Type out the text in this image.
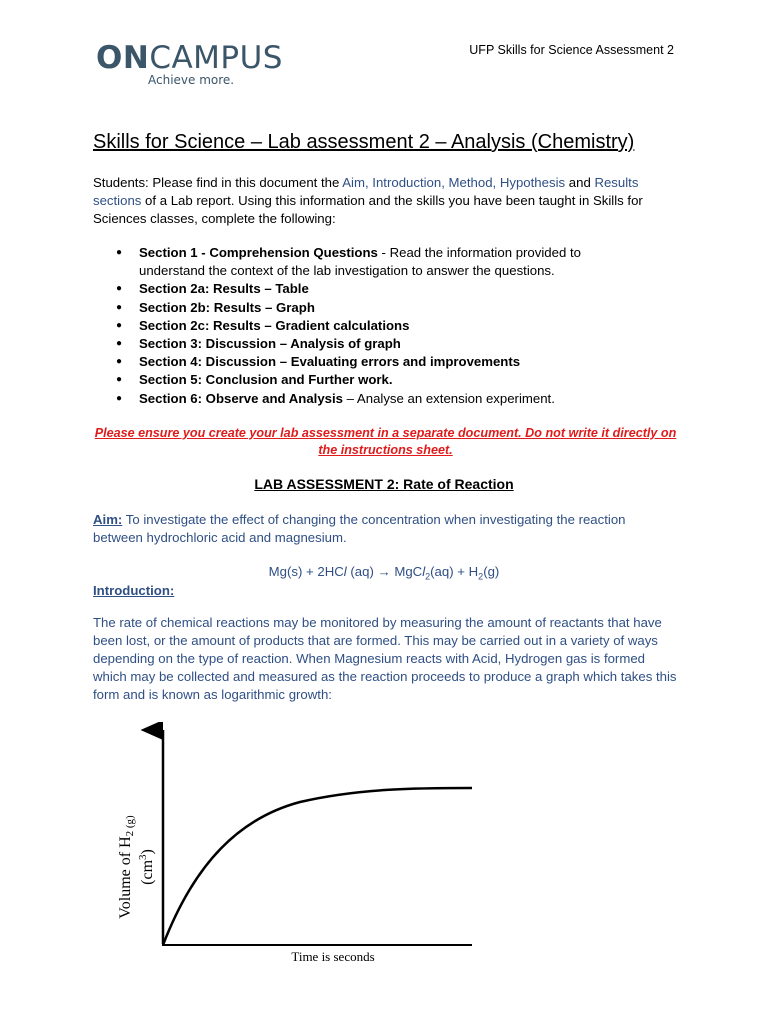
ONCAMPUS
Achieve more.
UFP Skills for Science Assessment 2
Skills for Science – Lab assessment 2 – Analysis (Chemistry)
Students: Please find in this document the Aim, Introduction, Method, Hypothesis and Results sections of a Lab report. Using this information and the skills you have been taught in Skills for Sciences classes, complete the following:
● Section 1 - Comprehension Questions - Read the information provided to understand the context of the lab investigation to answer the questions.
● Section 2a: Results – Table
● Section 2b: Results – Graph
● Section 2c: Results – Gradient calculations
● Section 3: Discussion – Analysis of graph
● Section 4: Discussion – Evaluating errors and improvements
● Section 5: Conclusion and Further work.
● Section 6: Observe and Analysis – Analyse an extension experiment.
Please ensure you create your lab assessment in a separate document. Do not write it directly on the instructions sheet.
LAB ASSESSMENT 2: Rate of Reaction
Aim: To investigate the effect of changing the concentration when investigating the reaction between hydrochloric acid and magnesium.
Mg(s) + 2HCl (aq) → MgCl$_2$(aq) + $H_2(g)$
Introduction:
The rate of chemical reactions may be monitored by measuring the amount of reactants that have been lost, or the amount of products that are formed. This may be carried out in a variety of ways depending on the type of reaction. When Magnesium reacts with Acid, Hydrogen gas is formed which may be collected and measured as the reaction proceeds to produce a graph which takes this form and is known as logarithmic growth:
Volume of H2 (g)
$(cm^3)$
Time is seconds
